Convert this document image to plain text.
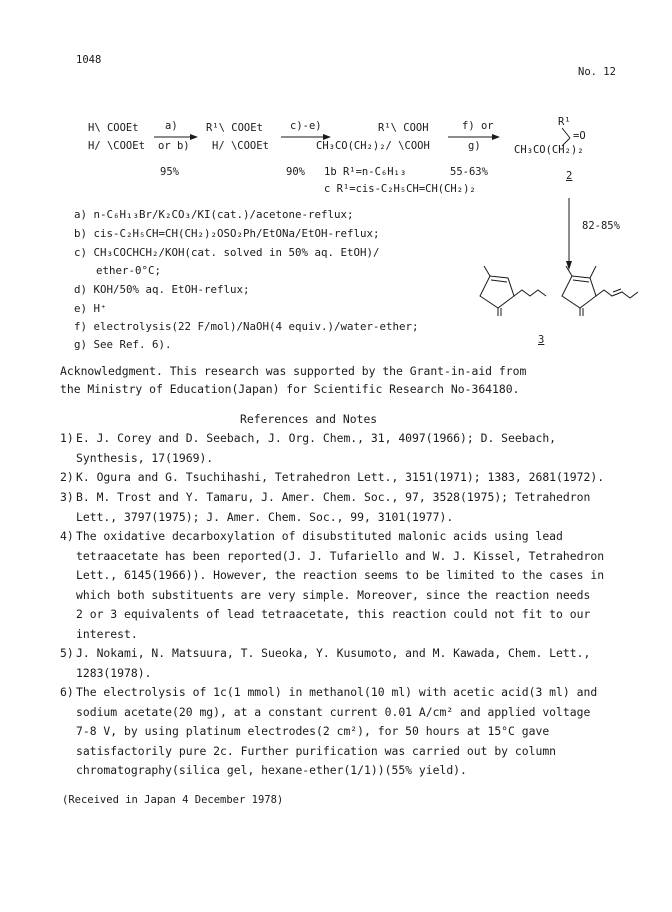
1048
No. 12
H\ COOEt
H/ \COOEt
a)
or b)
95%
R¹\ COOEt
H/ \COOEt
c)-e)
90%
R¹\ COOH
CH₃CO(CH₂)₂/ \COOH
1b R¹=n-C₆H₁₃
c R¹=cis-C₂H₅CH=CH(CH₂)₂
f) or
g)
55-63%
R¹
=O
CH₃CO(CH₂)₂
2
82-85%
3
a) n-C₆H₁₃Br/K₂CO₃/KI(cat.)/acetone-reflux;
b) cis-C₂H₅CH=CH(CH₂)₂OSO₂Ph/EtONa/EtOH-reflux;
c) CH₃COCHCH₂/KOH(cat. solved in 50% aq. EtOH)/
ether-0°C;
d) KOH/50% aq. EtOH-reflux;
e) H⁺
f) electrolysis(22 F/mol)/NaOH(4 equiv.)/water-ether;
g) See Ref. 6).
Acknowledgment. This research was supported by the Grant-in-aid from
the Ministry of Education(Japan) for Scientific Research No-364180.
References and Notes
1) E. J. Corey and D. Seebach, J. Org. Chem., 31, 4097(1966); D. Seebach,
Synthesis, 17(1969).
2) K. Ogura and G. Tsuchihashi, Tetrahedron Lett., 3151(1971); 1383, 2681(1972).
3) B. M. Trost and Y. Tamaru, J. Amer. Chem. Soc., 97, 3528(1975); Tetrahedron
Lett., 3797(1975); J. Amer. Chem. Soc., 99, 3101(1977).
4) The oxidative decarboxylation of disubstituted malonic acids using lead
tetraacetate has been reported(J. J. Tufariello and W. J. Kissel, Tetrahedron
Lett., 6145(1966)). However, the reaction seems to be limited to the cases in
which both substituents are very simple. Moreover, since the reaction needs
2 or 3 equivalents of lead tetraacetate, this reaction could not fit to our
interest.
5) J. Nokami, N. Matsuura, T. Sueoka, Y. Kusumoto, and M. Kawada, Chem. Lett.,
1283(1978).
6) The electrolysis of 1c(1 mmol) in methanol(10 ml) with acetic acid(3 ml) and
sodium acetate(20 mg), at a constant current 0.01 A/cm² and applied voltage
7-8 V, by using platinum electrodes(2 cm²), for 50 hours at 15°C gave
satisfactorily pure 2c. Further purification was carried out by column
chromatography(silica gel, hexane-ether(1/1))(55% yield).
(Received in Japan 4 December 1978)
